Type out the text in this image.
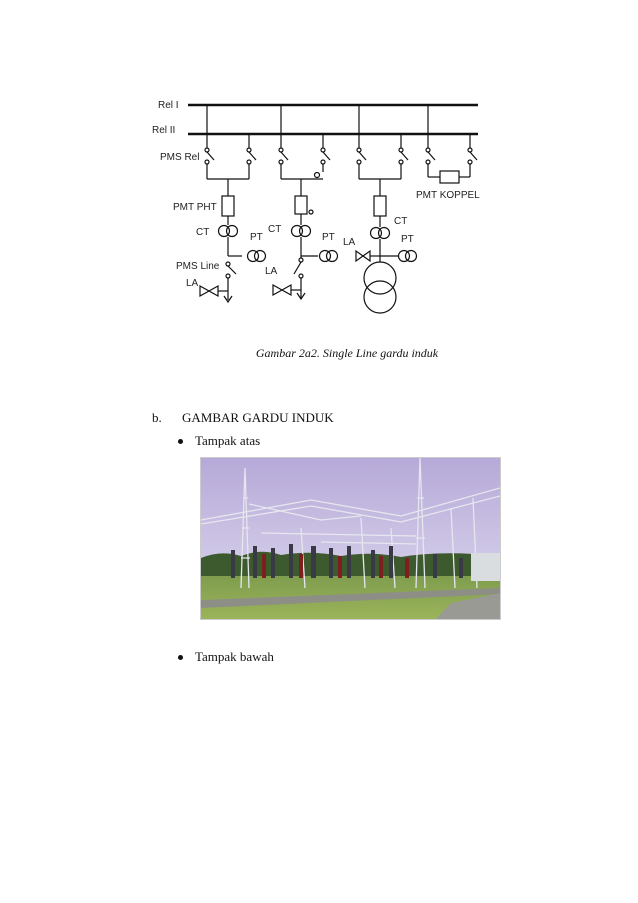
Rel I
Rel II
PMS Rel
PMT PHT
CT	PT
PMS Line
LA
CT
PT
LA
CT
LA	PT
PMT KOPPEL
Gambar 2a2. Single Line gardu induk
b. GAMBAR GARDU INDUK
Tampak atas
Tampak bawah
